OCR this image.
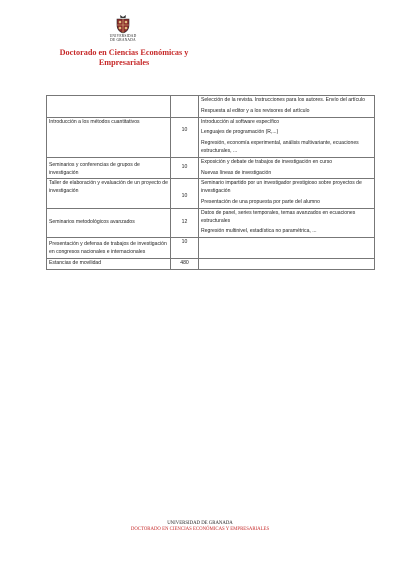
UNIVERSIDAD
DE GRANADA
Doctorado en Ciencias Económicas y Empresariales

		Selección de la revista. Instrucciones para los autores. Envío del artículo

Respuesta al editor y a los revisores del artículo

Introducción a los métodos cuantitativos	10	Introducción al software específico

Lenguajes de programación (R,...)

Regresión, economía experimental, análisis multivariante, ecuaciones estructurales, ...

Seminarios y conferencias de grupos de investigación	10	Exposición y debate de trabajos de investigación en curso

Nuevas líneas de investigación

Taller de elaboración y evaluación de un proyecto de investigación	10	Seminario impartido por un investigador prestigioso sobre proyectos de investigación

Presentación de una propuesta por parte del alumno

Seminarios metodológicos avanzados	12	Datos de panel, series temporales, temas avanzados en ecuaciones estructurales

Regresión multinivel, estadística no paramétrica, ...

Presentación y defensa de trabajos de investigación en congresos nacionales e internacionales	10	
Estancias de movilidad	480	
UNIVERSIDAD DE GRANADA
DOCTORADO EN CIENCIAS ECONÓMICAS Y EMPRESARIALES
